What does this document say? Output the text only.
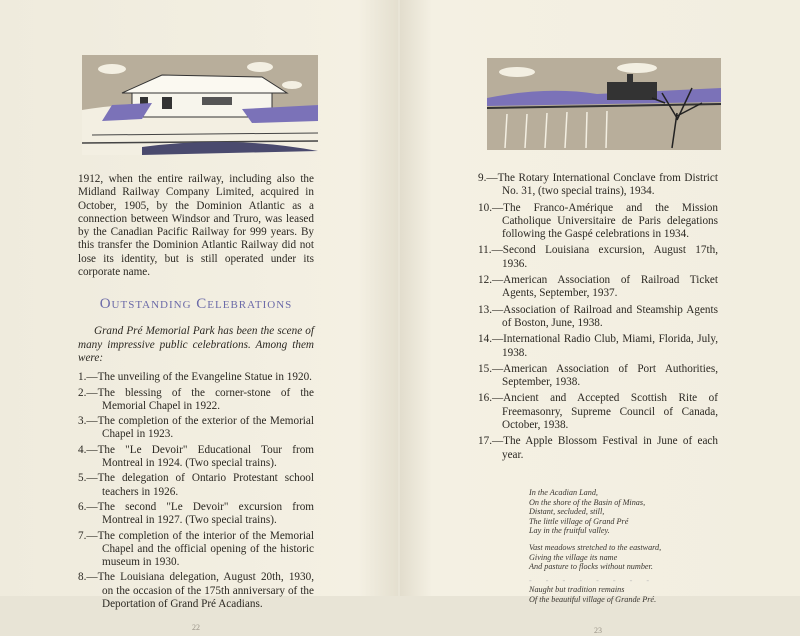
1912, when the entire railway, including also the Midland Railway Company Limited, acquired in October, 1905, by the Dominion Atlantic as a connection between Windsor and Truro, was leased by the Canadian Pacific Railway for 999 years. By this transfer the Dominion Atlantic Railway did not lose its identity, but is still operated under its corporate name.
Outstanding Celebrations
Grand Pré Memorial Park has been the scene of many impressive public celebrations. Among them were:
1.—The unveiling of the Evangeline Statue in 1920.
2.—The blessing of the corner-stone of the Memorial Chapel in 1922.
3.—The completion of the exterior of the Memorial Chapel in 1923.
4.—The "Le Devoir" Educational Tour from Montreal in 1924. (Two special trains).
5.—The delegation of Ontario Protestant school teachers in 1926.
6.—The second "Le Devoir" excursion from Montreal in 1927. (Two special trains).
7.—The completion of the interior of the Memorial Chapel and the official opening of the historic museum in 1930.
8.—The Louisiana delegation, August 20th, 1930, on the occasion of the 175th anniversary of the Deportation of Grand Pré Acadians.
22
9.—The Rotary International Conclave from District No. 31, (two special trains), 1934.
10.—The Franco-Amérique and the Mission Catholique Universitaire de Paris delegations following the Gaspé celebrations in 1934.
11.—Second Louisiana excursion, August 17th, 1936.
12.—American Association of Railroad Ticket Agents, September, 1937.
13.—Association of Railroad and Steamship Agents of Boston, June, 1938.
14.—International Radio Club, Miami, Florida, July, 1938.
15.—American Association of Port Authorities, September, 1938.
16.—Ancient and Accepted Scottish Rite of Freemasonry, Supreme Council of Canada, October, 1938.
17.—The Apple Blossom Festival in June of each year.
In the Acadian Land,
On the shore of the Basin of Minas,
Distant, secluded, still,
The little village of Grand Pré
Lay in the fruitful valley.
Vast meadows stretched to the eastward,
Giving the village its name
And pasture to flocks without number.
- - - - - - - -
Naught but tradition remains
Of the beautiful village of Grande Pré.
23
